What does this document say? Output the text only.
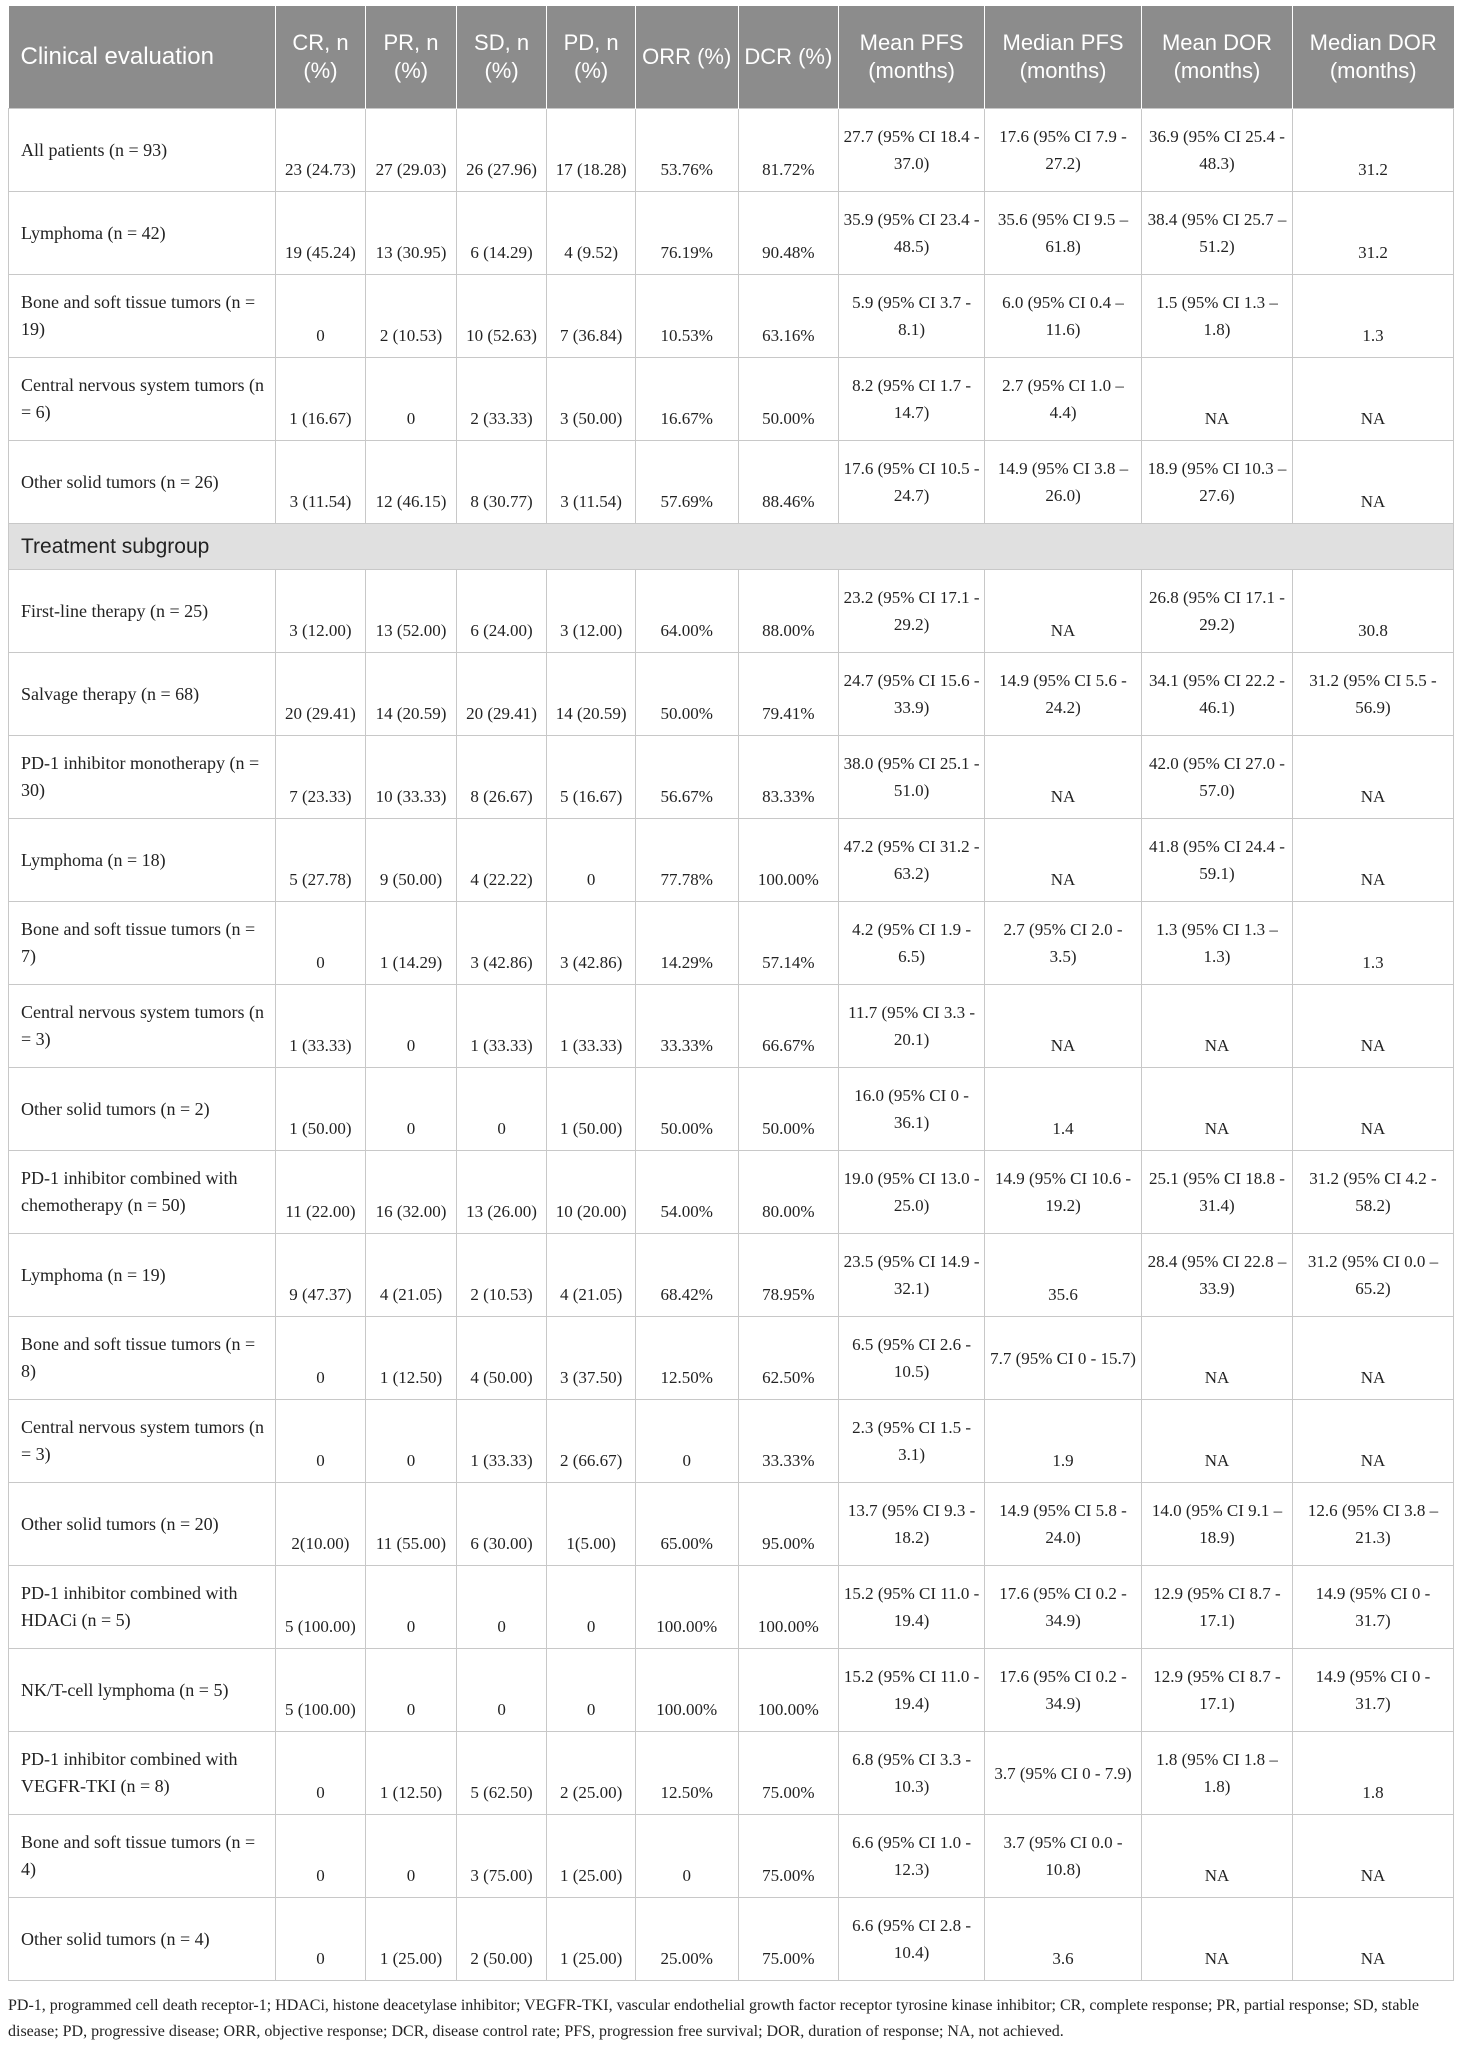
Clinical evaluation	CR, n (%)	PR, n (%)	SD, n (%)	PD, n (%)	ORR (%)	DCR (%)	Mean PFS (months)	Median PFS (months)	Mean DOR (months)	Median DOR (months)
All patients (n = 93)	23 (24.73)	27 (29.03)	26 (27.96)	17 (18.28)	53.76%	81.72%	27.7 (95% CI 18.4 - 37.0)	17.6 (95% CI 7.9 - 27.2)	36.9 (95% CI 25.4 - 48.3)	31.2
Lymphoma (n = 42)	19 (45.24)	13 (30.95)	6 (14.29)	4 (9.52)	76.19%	90.48%	35.9 (95% CI 23.4 - 48.5)	35.6 (95% CI 9.5 – 61.8)	38.4 (95% CI 25.7 – 51.2)	31.2
Bone and soft tissue tumors (n = 19)	0	2 (10.53)	10 (52.63)	7 (36.84)	10.53%	63.16%	5.9 (95% CI 3.7 - 8.1)	6.0 (95% CI 0.4 – 11.6)	1.5 (95% CI 1.3 – 1.8)	1.3
Central nervous system tumors (n = 6)	1 (16.67)	0	2 (33.33)	3 (50.00)	16.67%	50.00%	8.2 (95% CI 1.7 - 14.7)	2.7 (95% CI 1.0 – 4.4)	NA	NA
Other solid tumors (n = 26)	3 (11.54)	12 (46.15)	8 (30.77)	3 (11.54)	57.69%	88.46%	17.6 (95% CI 10.5 - 24.7)	14.9 (95% CI 3.8 – 26.0)	18.9 (95% CI 10.3 – 27.6)	NA
Treatment subgroup										
First-line therapy (n = 25)	3 (12.00)	13 (52.00)	6 (24.00)	3 (12.00)	64.00%	88.00%	23.2 (95% CI 17.1 - 29.2)	NA	26.8 (95% CI 17.1 - 29.2)	30.8
Salvage therapy (n = 68)	20 (29.41)	14 (20.59)	20 (29.41)	14 (20.59)	50.00%	79.41%	24.7 (95% CI 15.6 - 33.9)	14.9 (95% CI 5.6 - 24.2)	34.1 (95% CI 22.2 - 46.1)	31.2 (95% CI 5.5 - 56.9)
PD-1 inhibitor monotherapy (n = 30)	7 (23.33)	10 (33.33)	8 (26.67)	5 (16.67)	56.67%	83.33%	38.0 (95% CI 25.1 - 51.0)	NA	42.0 (95% CI 27.0 - 57.0)	NA
Lymphoma (n = 18)	5 (27.78)	9 (50.00)	4 (22.22)	0	77.78%	100.00%	47.2 (95% CI 31.2 - 63.2)	NA	41.8 (95% CI 24.4 - 59.1)	NA
Bone and soft tissue tumors (n = 7)	0	1 (14.29)	3 (42.86)	3 (42.86)	14.29%	57.14%	4.2 (95% CI 1.9 - 6.5)	2.7 (95% CI 2.0 - 3.5)	1.3 (95% CI 1.3 – 1.3)	1.3
Central nervous system tumors (n = 3)	1 (33.33)	0	1 (33.33)	1 (33.33)	33.33%	66.67%	11.7 (95% CI 3.3 - 20.1)	NA	NA	NA
Other solid tumors (n = 2)	1 (50.00)	0	0	1 (50.00)	50.00%	50.00%	16.0 (95% CI 0 - 36.1)	1.4	NA	NA
PD-1 inhibitor combined with chemotherapy (n = 50)	11 (22.00)	16 (32.00)	13 (26.00)	10 (20.00)	54.00%	80.00%	19.0 (95% CI 13.0 - 25.0)	14.9 (95% CI 10.6 - 19.2)	25.1 (95% CI 18.8 - 31.4)	31.2 (95% CI 4.2 - 58.2)
Lymphoma (n = 19)	9 (47.37)	4 (21.05)	2 (10.53)	4 (21.05)	68.42%	78.95%	23.5 (95% CI 14.9 - 32.1)	35.6	28.4 (95% CI 22.8 – 33.9)	31.2 (95% CI 0.0 – 65.2)
Bone and soft tissue tumors (n = 8)	0	1 (12.50)	4 (50.00)	3 (37.50)	12.50%	62.50%	6.5 (95% CI 2.6 - 10.5)	7.7 (95% CI 0 - 15.7)	NA	NA
Central nervous system tumors (n = 3)	0	0	1 (33.33)	2 (66.67)	0	33.33%	2.3 (95% CI 1.5 - 3.1)	1.9	NA	NA
Other solid tumors (n = 20)	2(10.00)	11 (55.00)	6 (30.00)	1(5.00)	65.00%	95.00%	13.7 (95% CI 9.3 - 18.2)	14.9 (95% CI 5.8 - 24.0)	14.0 (95% CI 9.1 – 18.9)	12.6 (95% CI 3.8 – 21.3)
PD-1 inhibitor combined with HDACi (n = 5)	5 (100.00)	0	0	0	100.00%	100.00%	15.2 (95% CI 11.0 - 19.4)	17.6 (95% CI 0.2 - 34.9)	12.9 (95% CI 8.7 - 17.1)	14.9 (95% CI 0 - 31.7)
NK/T-cell lymphoma (n = 5)	5 (100.00)	0	0	0	100.00%	100.00%	15.2 (95% CI 11.0 - 19.4)	17.6 (95% CI 0.2 - 34.9)	12.9 (95% CI 8.7 - 17.1)	14.9 (95% CI 0 - 31.7)
PD-1 inhibitor combined with VEGFR-TKI (n = 8)	0	1 (12.50)	5 (62.50)	2 (25.00)	12.50%	75.00%	6.8 (95% CI 3.3 - 10.3)	3.7 (95% CI 0 - 7.9)	1.8 (95% CI 1.8 – 1.8)	1.8
Bone and soft tissue tumors (n = 4)	0	0	3 (75.00)	1 (25.00)	0	75.00%	6.6 (95% CI 1.0 - 12.3)	3.7 (95% CI 0.0 - 10.8)	NA	NA
Other solid tumors (n = 4)	0	1 (25.00)	2 (50.00)	1 (25.00)	25.00%	75.00%	6.6 (95% CI 2.8 - 10.4)	3.6	NA	NA
PD-1, programmed cell death receptor-1; HDACi, histone deacetylase inhibitor; VEGFR-TKI, vascular endothelial growth factor receptor tyrosine kinase inhibitor; CR, complete response; PR, partial response; SD, stable disease; PD, progressive disease; ORR, objective response; DCR, disease control rate; PFS, progression free survival; DOR, duration of response; NA, not achieved.
